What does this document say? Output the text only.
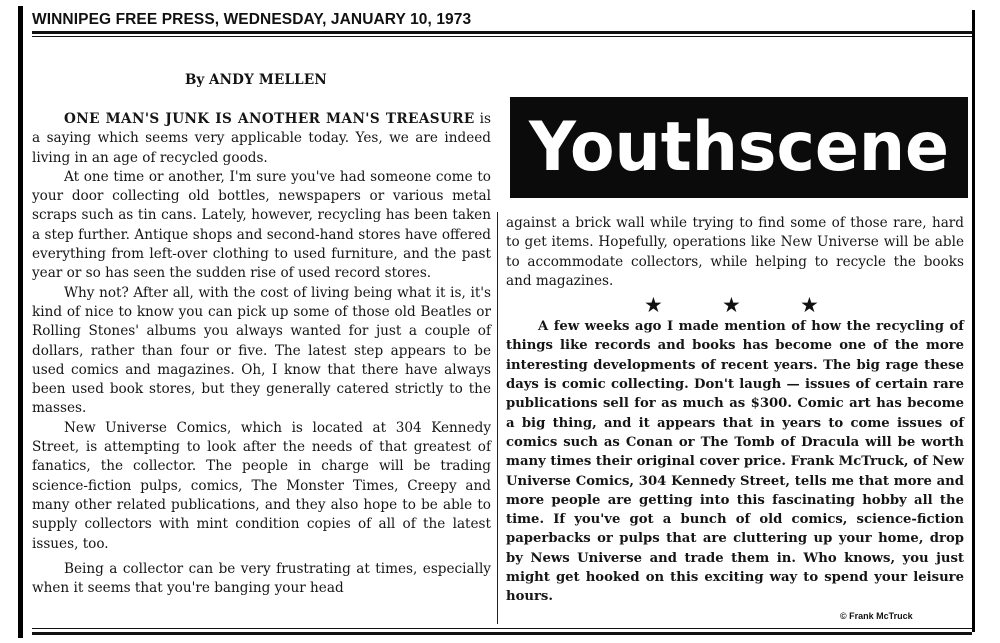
WINNIPEG FREE PRESS, WEDNESDAY, JANUARY 10, 1973
By ANDY MELLEN

ONE MAN'S JUNK IS ANOTHER MAN'S TREASURE is a saying which seems very applicable today. Yes, we are indeed living in an age of recycled goods.

At one time or another, I'm sure you've had someone come to your door collecting old bottles, newspapers or various metal scraps such as tin cans. Lately, however, recycling has been taken a step further. Antique shops and second-hand stores have offered everything from left-over clothing to used furniture, and the past year or so has seen the sudden rise of used record stores.

Why not? After all, with the cost of living being what it is, it's kind of nice to know you can pick up some of those old Beatles or Rolling Stones' albums you always wanted for just a couple of dollars, rather than four or five. The latest step appears to be used comics and magazines. Oh, I know that there have always been used book stores, but they generally catered strictly to the masses.

New Universe Comics, which is located at 304 Kennedy Street, is attempting to look after the needs of that greatest of fanatics, the collector. The people in charge will be trading science-fiction pulps, comics, The Monster Times, Creepy and many other related publications, and they also hope to be able to supply collectors with mint condition copies of all of the latest issues, too.

Being a collector can be very frustrating at times, especially when it seems that you're banging your head

Youthscene

against a brick wall while trying to find some of those rare, hard to get items. Hopefully, operations like New Universe will be able to accommodate collectors, while helping to recycle the books and magazines.

★	★	★

A few weeks ago I made mention of how the recycling of things like records and books has become one of the more interesting developments of recent years. The big rage these days is comic collecting. Don't laugh — issues of certain rare publications sell for as much as $300. Comic art has become a big thing, and it appears that in years to come issues of comics such as Conan or The Tomb of Dracula will be worth many times their original cover price. Frank McTruck, of New Universe Comics, 304 Kennedy Street, tells me that more and more people are getting into this fascinating hobby all the time. If you've got a bunch of old comics, science-fiction paperbacks or pulps that are cluttering up your home, drop by News Universe and trade them in. Who knows, you just might get hooked on this exciting way to spend your leisure hours.

© Frank McTruck
